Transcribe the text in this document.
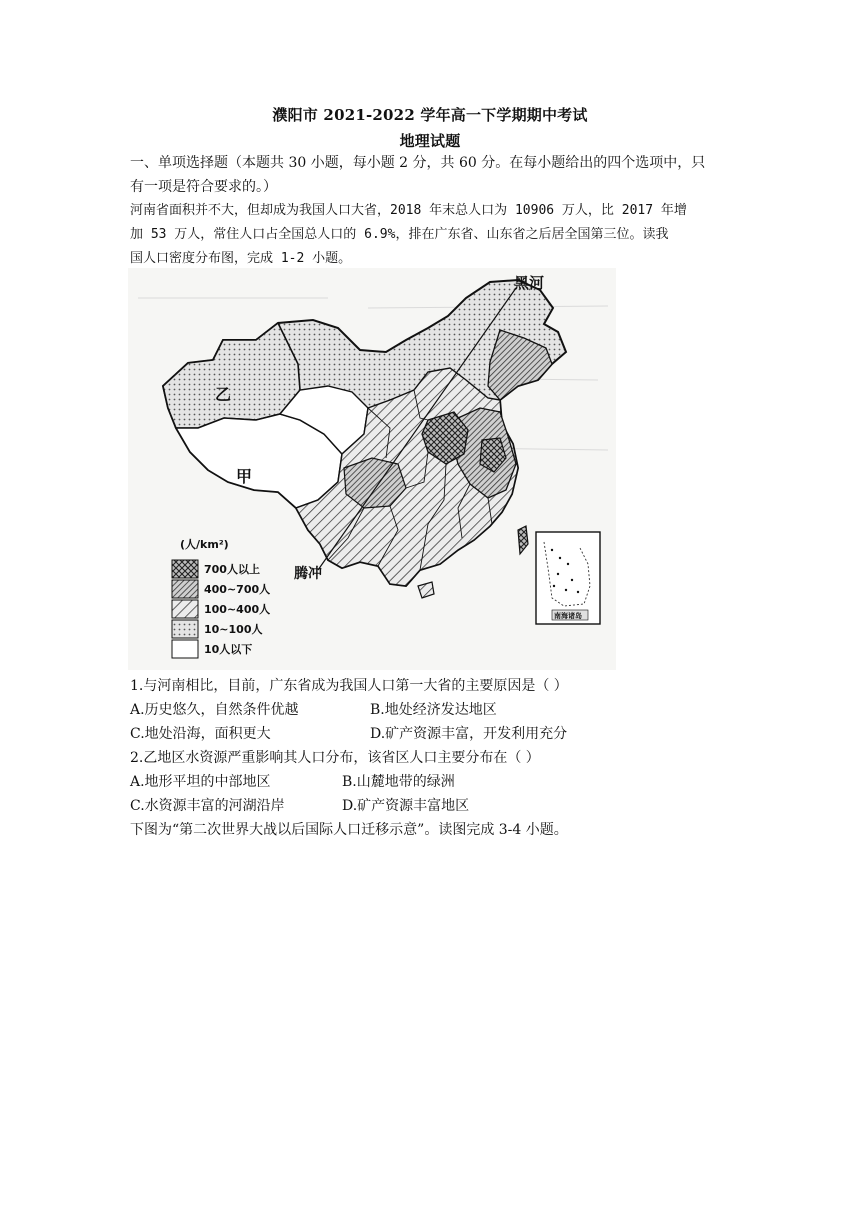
濮阳市 2021-2022 学年高一下学期期中考试
地理试题
一、单项选择题（本题共 30 小题，每小题 2 分，共 60 分。在每小题给出的四个选项中，只
有一项是符合要求的。）
河南省面积并不大，但却成为我国人口大省，2018 年末总人口为 10906 万人，比 2017 年增
加 53 万人，常住人口占全国总人口的 6.9%，排在广东省、山东省之后居全国第三位。读我
国人口密度分布图，完成 1-2 小题。
黑河
腾冲
乙
甲
南海诸岛
(人/km²)
700人以上
400~700人
100~400人
10~100人
10人以下
1.与河南相比，目前，广东省成为我国人口第一大省的主要原因是（ ）
A.历史悠久，自然条件优越	B.地处经济发达地区
C.地处沿海，面积更大	D.矿产资源丰富，开发利用充分
2.乙地区水资源严重影响其人口分布，该省区人口主要分布在（ ）
A.地形平坦的中部地区	B.山麓地带的绿洲
C.水资源丰富的河湖沿岸	D.矿产资源丰富地区
下图为“第二次世界大战以后国际人口迁移示意”。读图完成 3-4 小题。
